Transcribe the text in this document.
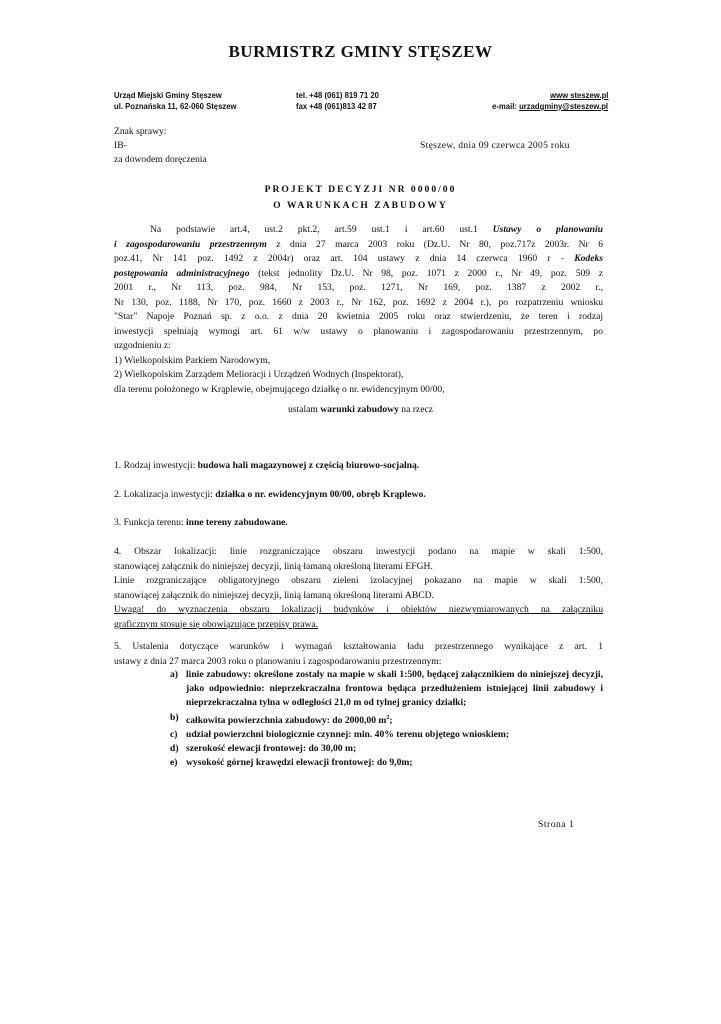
BURMISTRZ GMINY STĘSZEW
Urząd Miejski Gminy Stęszew
ul. Poznańska 11, 62-060 Stęszew
tel. +48 (061) 819 71 20
fax +48 (061)813 42 87
www steszew.pl
e-mail: urzadgminy@steszew.pl
Znak sprawy:
IB-
za dowodem doręczenia
Stęszew, dnia 09 czerwca 2005 roku
PROJEKT DECYZJI NR 0000/00
O WARUNKACH ZABUDOWY
Na podstawie art.4, ust.2 pkt.2, art.59 ust.1 i art.60 ust.1 Ustawy o planowaniu
i zagospodarowaniu przestrzennym z dnia 27 marca 2003 roku (Dz.U. Nr 80, poz.717z 2003r. Nr 6
poz.41, Nr 141 poz. 1492 z 2004r) oraz art. 104 ustawy z dnia 14 czerwca 1960 r - Kodeks
postępowania administracyjnego (tekst jednolity Dz.U. Nr 98, poz. 1071 z 2000 r., Nr 49, poz. 509 z
2001 r., Nr 113, poz. 984, Nr 153, poz. 1271, Nr 169, poz. 1387 z 2002 r.,
Nr 130, poz. 1188, Nr 170, poz. 1660 z 2003 r., Nr 162, poz. 1692 z 2004 r.), po rozpatrzeniu wniosku
"Star" Napoje Poznań sp. z o.o. z dnia 20 kwietnia 2005 roku oraz stwierdzeniu, że teren i rodzaj
inwestycji spełniają wymogi art. 61 w/w ustawy o planowaniu i zagospodarowaniu przestrzennym, po
uzgodnieniu z:
1) Wielkopolskim Parkiem Narodowym,
2) Wielkopolskim Zarządem Melioracji i Urządzeń Wodnych (Inspektorat),
dla terenu położonego w Krąplewie, obejmującego działkę o nr. ewidencyjnym 00/00,
ustalam warunki zabudowy na rzecz
1. Rodzaj inwestycji: budowa hali magazynowej z częścią biurowo-socjalną.
2. Lokalizacja inwestycji: działka o nr. ewidencyjnym 00/00, obręb Krąplewo.
3. Funkcja terenu: inne tereny zabudowane.
4. Obszar lokalizacji: linie rozgraniczające obszaru inwestycji podano na mapie w skali 1:500,
stanowiącej załącznik do niniejszej decyzji, linią łamaną określoną literami EFGH.
Linie rozgraniczające obligatoryjnego obszaru zieleni izolacyjnej pokazano na mapie w skali 1:500,
stanowiącej załącznik do niniejszej decyzji, linią łamaną określoną literami ABCD.
Uwaga! do wyznaczenia obszaru lokalizacji budynków i obiektów niezwymiarowanych na załączniku
graficznym stosuje się obowiązujące przepisy prawa.
5. Ustalenia dotyczące warunków i wymagań kształtowania ładu przestrzennego wynikające z art. 1
ustawy z dnia 27 marca 2003 roku o planowaniu i zagospodarowaniu przestrzennym:
a) linie zabudowy: określone zostały na mapie w skali 1:500, będącej załącznikiem do niniejszej decyzji, jako odpowiednio: nieprzekraczalna frontowa będąca przedłużeniem istniejącej linii zabudowy i nieprzekraczalna tylna w odległości 21,0 m od tylnej granicy działki;
b) całkowita powierzchnia zabudowy: do 2000,00 $m^2$;
c) udział powierzchni biologicznie czynnej: min. 40% terenu objętego wnioskiem;
d) szerokość elewacji frontowej: do 30,00 m;
e) wysokość górnej krawędzi elewacji frontowej: do 9,0m;
Strona 1
